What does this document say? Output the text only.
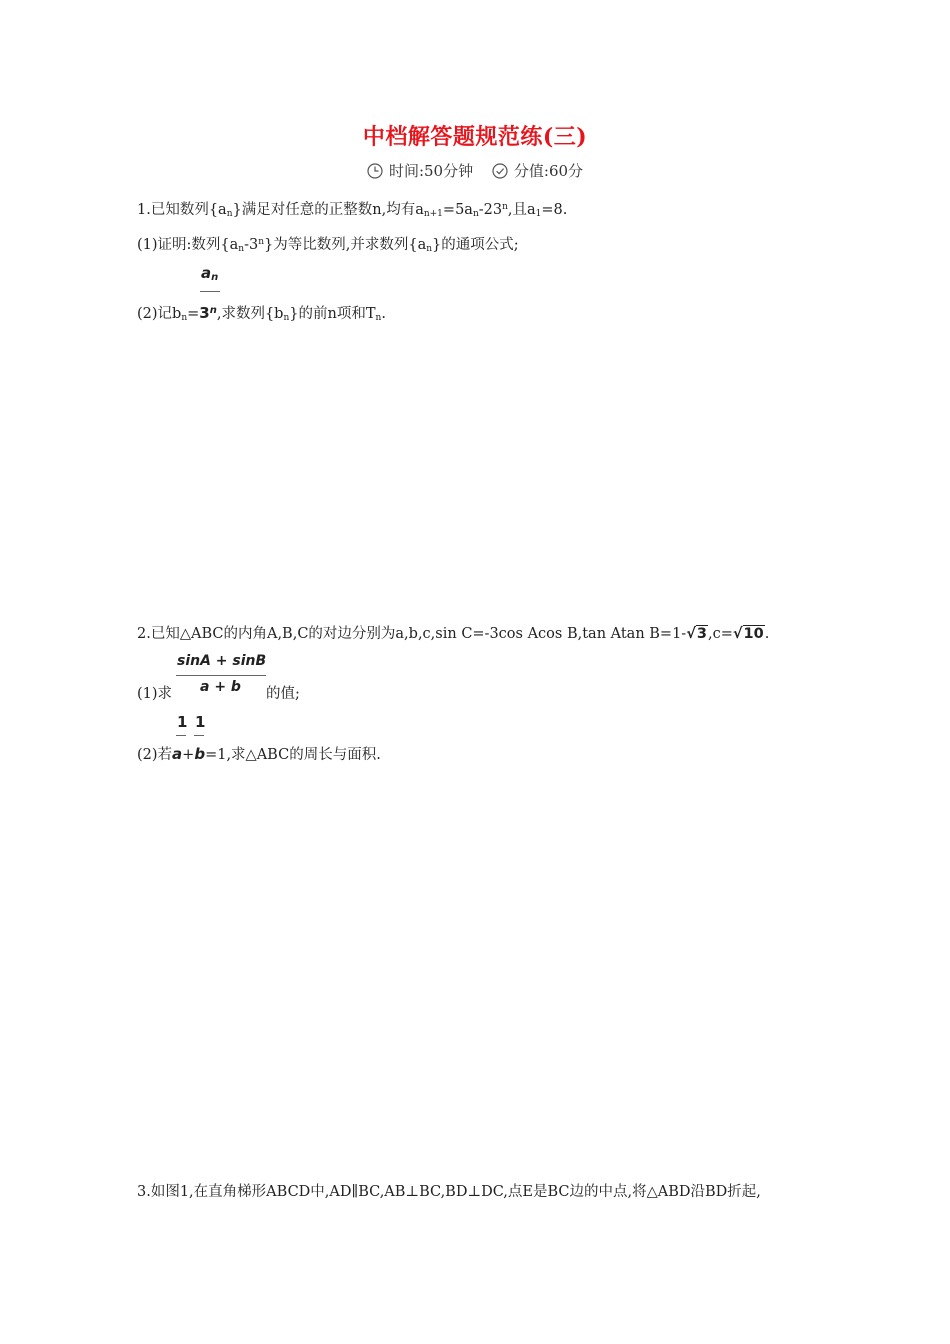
中档解答题规范练(三)
时间:50分钟	分值:60分
1.已知数列$\{a_n\}$满足对任意的正整数n,均有$a_{n+1}=5a_n-23^n$,且$a_1=8$.
(1)证明:数列$\{a_n-3^n\}$为等比数列,并求数列$\{a_n\}$的通项公式;
$a_n$
(2)记$b_n=3^n$,求数列$\{b_n\}$的前n项和$T_n$.
2.已知△ABC的内角A,B,C的对边分别为a,b,c,sin C=-3cos Acos B,tan Atan B=1-√3,c=√10.
sinA + sinB
a + b
(1)求	的值;
1 1
(2)若a+b=1,求△ABC的周长与面积.
3.如图1,在直角梯形ABCD中,AD∥BC,AB⊥BC,BD⊥DC,点E是BC边的中点,将△ABD沿BD折起,
